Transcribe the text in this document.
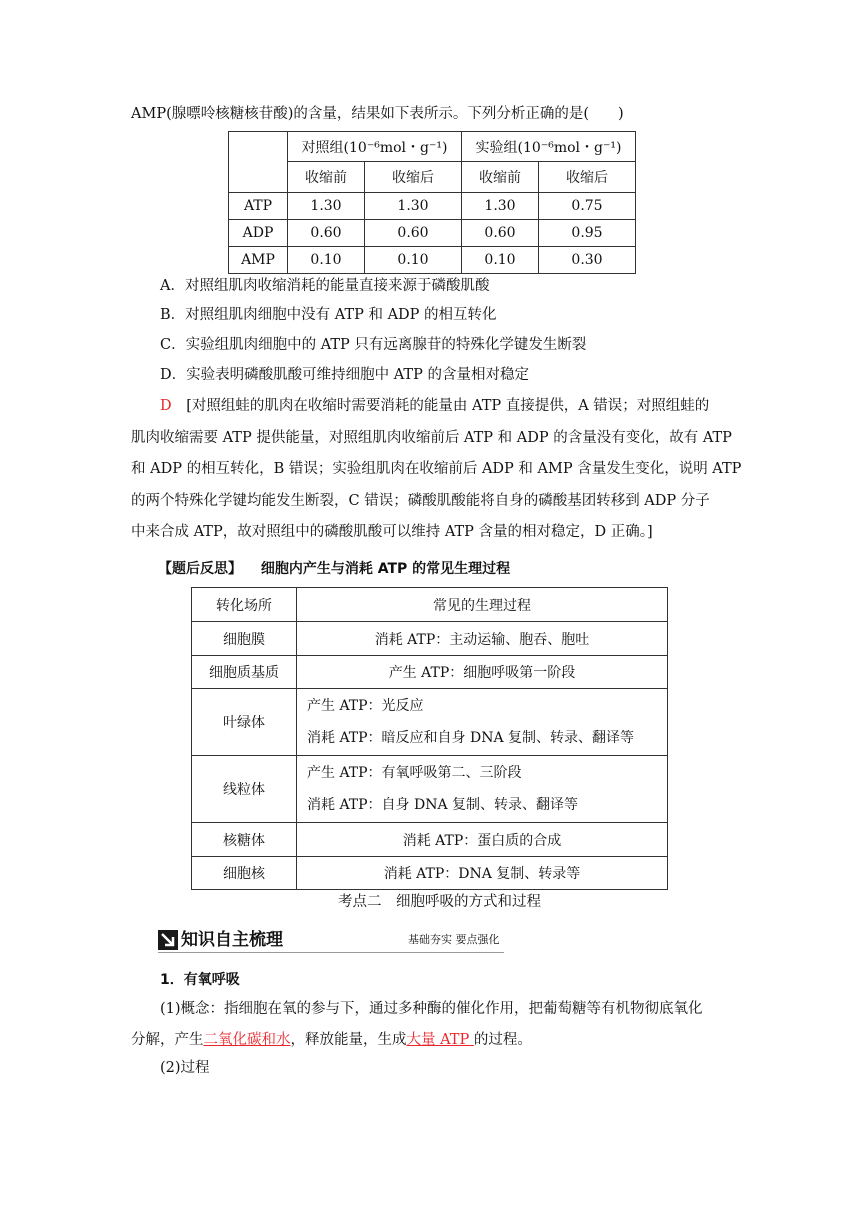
AMP(腺嘌呤核糖核苷酸)的含量，结果如下表所示。下列分析正确的是(　　)
	对照组(10⁻⁶mol・g⁻¹)		实验组(10⁻⁶mol・g⁻¹)	
	收缩前	收缩后	收缩前	收缩后
ATP	1.30	1.30	1.30	0.75
ADP	0.60	0.60	0.60	0.95
AMP	0.10	0.10	0.10	0.30
A．对照组肌肉收缩消耗的能量直接来源于磷酸肌酸
B．对照组肌肉细胞中没有 ATP 和 ADP 的相互转化
C．实验组肌肉细胞中的 ATP 只有远离腺苷的特殊化学键发生断裂
D．实验表明磷酸肌酸可维持细胞中 ATP 的含量相对稳定
D [对照组蛙的肌肉在收缩时需要消耗的能量由 ATP 直接提供，A 错误；对照组蛙的
肌肉收缩需要 ATP 提供能量，对照组肌肉收缩前后 ATP 和 ADP 的含量没有变化，故有 ATP
和 ADP 的相互转化，B 错误；实验组肌肉在收缩前后 ADP 和 AMP 含量发生变化，说明 ATP
的两个特殊化学键均能发生断裂，C 错误；磷酸肌酸能将自身的磷酸基团转移到 ADP 分子
中来合成 ATP，故对照组中的磷酸肌酸可以维持 ATP 含量的相对稳定，D 正确。]
【题后反思】 细胞内产生与消耗 ATP 的常见生理过程
转化场所	常见的生理过程
细胞膜	消耗 ATP：主动运输、胞吞、胞吐
细胞质基质	产生 ATP：细胞呼吸第一阶段
叶绿体	产生 ATP：光反应
消耗 ATP：暗反应和自身 DNA 复制、转录、翻译等

线粒体	产生 ATP：有氧呼吸第二、三阶段
消耗 ATP：自身 DNA 复制、转录、翻译等

核糖体	消耗 ATP：蛋白质的合成
细胞核	消耗 ATP：DNA 复制、转录等
考点二　细胞呼吸的方式和过程
知识自主梳理	基础夯实 要点强化
1．有氧呼吸
(1)概念：指细胞在氧的参与下，通过多种酶的催化作用，把葡萄糖等有机物彻底氧化
分解，产生二氧化碳和水，释放能量，生成大量 ATP 的过程。
(2)过程
